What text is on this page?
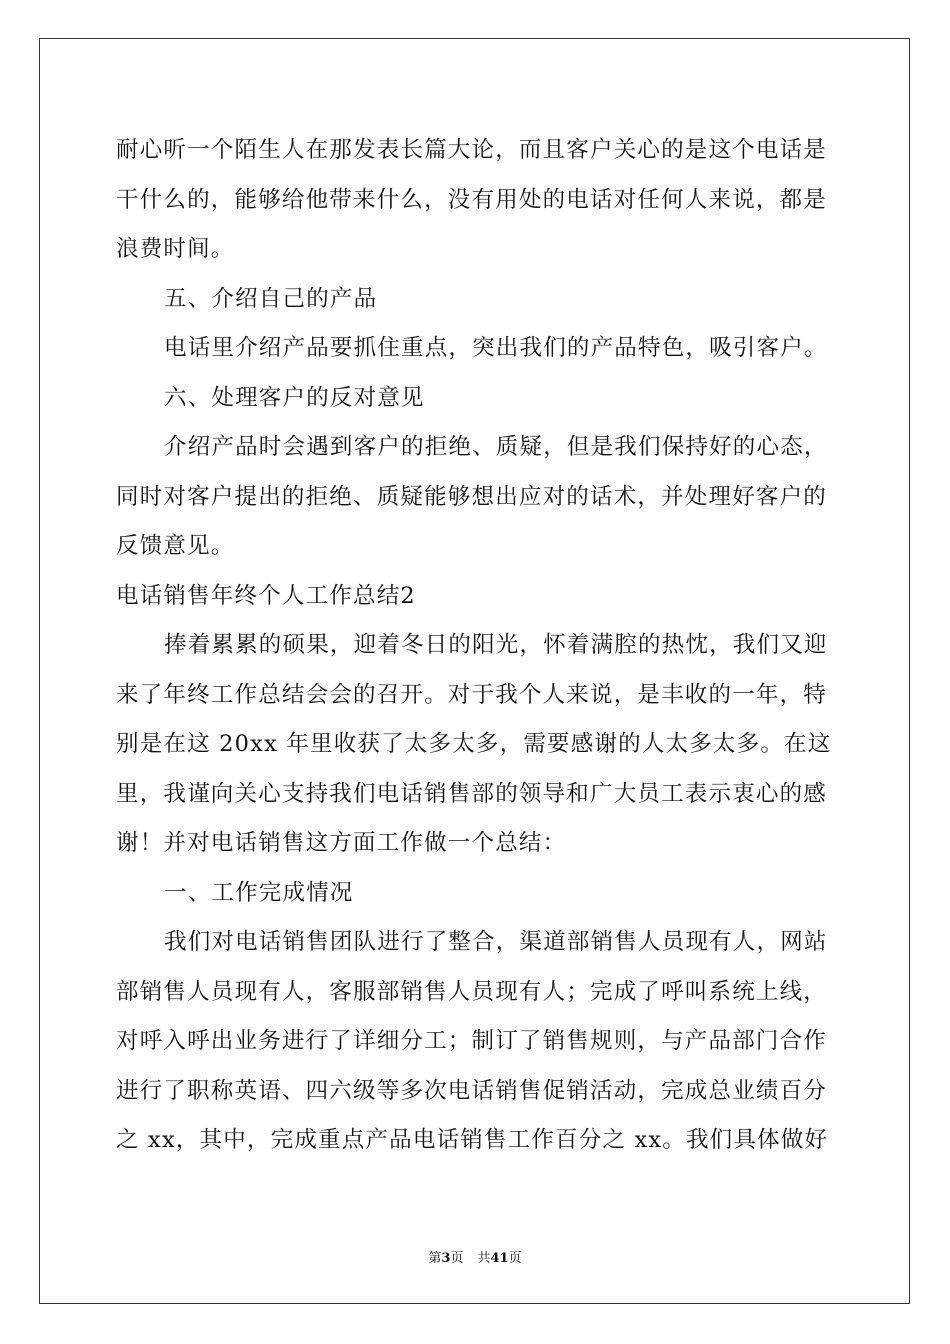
耐心听一个陌生人在那发表长篇大论，而且客户关心的是这个电话是

干什么的，能够给他带来什么，没有用处的电话对任何人来说，都是

浪费时间。

五、介绍自己的产品

电话里介绍产品要抓住重点，突出我们的产品特色，吸引客户。

六、处理客户的反对意见

介绍产品时会遇到客户的拒绝、质疑，但是我们保持好的心态，

同时对客户提出的拒绝、质疑能够想出应对的话术，并处理好客户的

反馈意见。

电话销售年终个人工作总结2

捧着累累的硕果，迎着冬日的阳光，怀着满腔的热忱，我们又迎

来了年终工作总结会会的召开。对于我个人来说，是丰收的一年，特

别是在这 20xx 年里收获了太多太多，需要感谢的人太多太多。在这

里，我谨向关心支持我们电话销售部的领导和广大员工表示衷心的感

谢！并对电话销售这方面工作做一个总结：

一、工作完成情况

我们对电话销售团队进行了整合，渠道部销售人员现有人，网站

部销售人员现有人，客服部销售人员现有人；完成了呼叫系统上线，

对呼入呼出业务进行了详细分工；制订了销售规则，与产品部门合作

进行了职称英语、四六级等多次电话销售促销活动，完成总业绩百分

之 xx，其中，完成重点产品电话销售工作百分之 xx。我们具体做好

第3页 共41页
